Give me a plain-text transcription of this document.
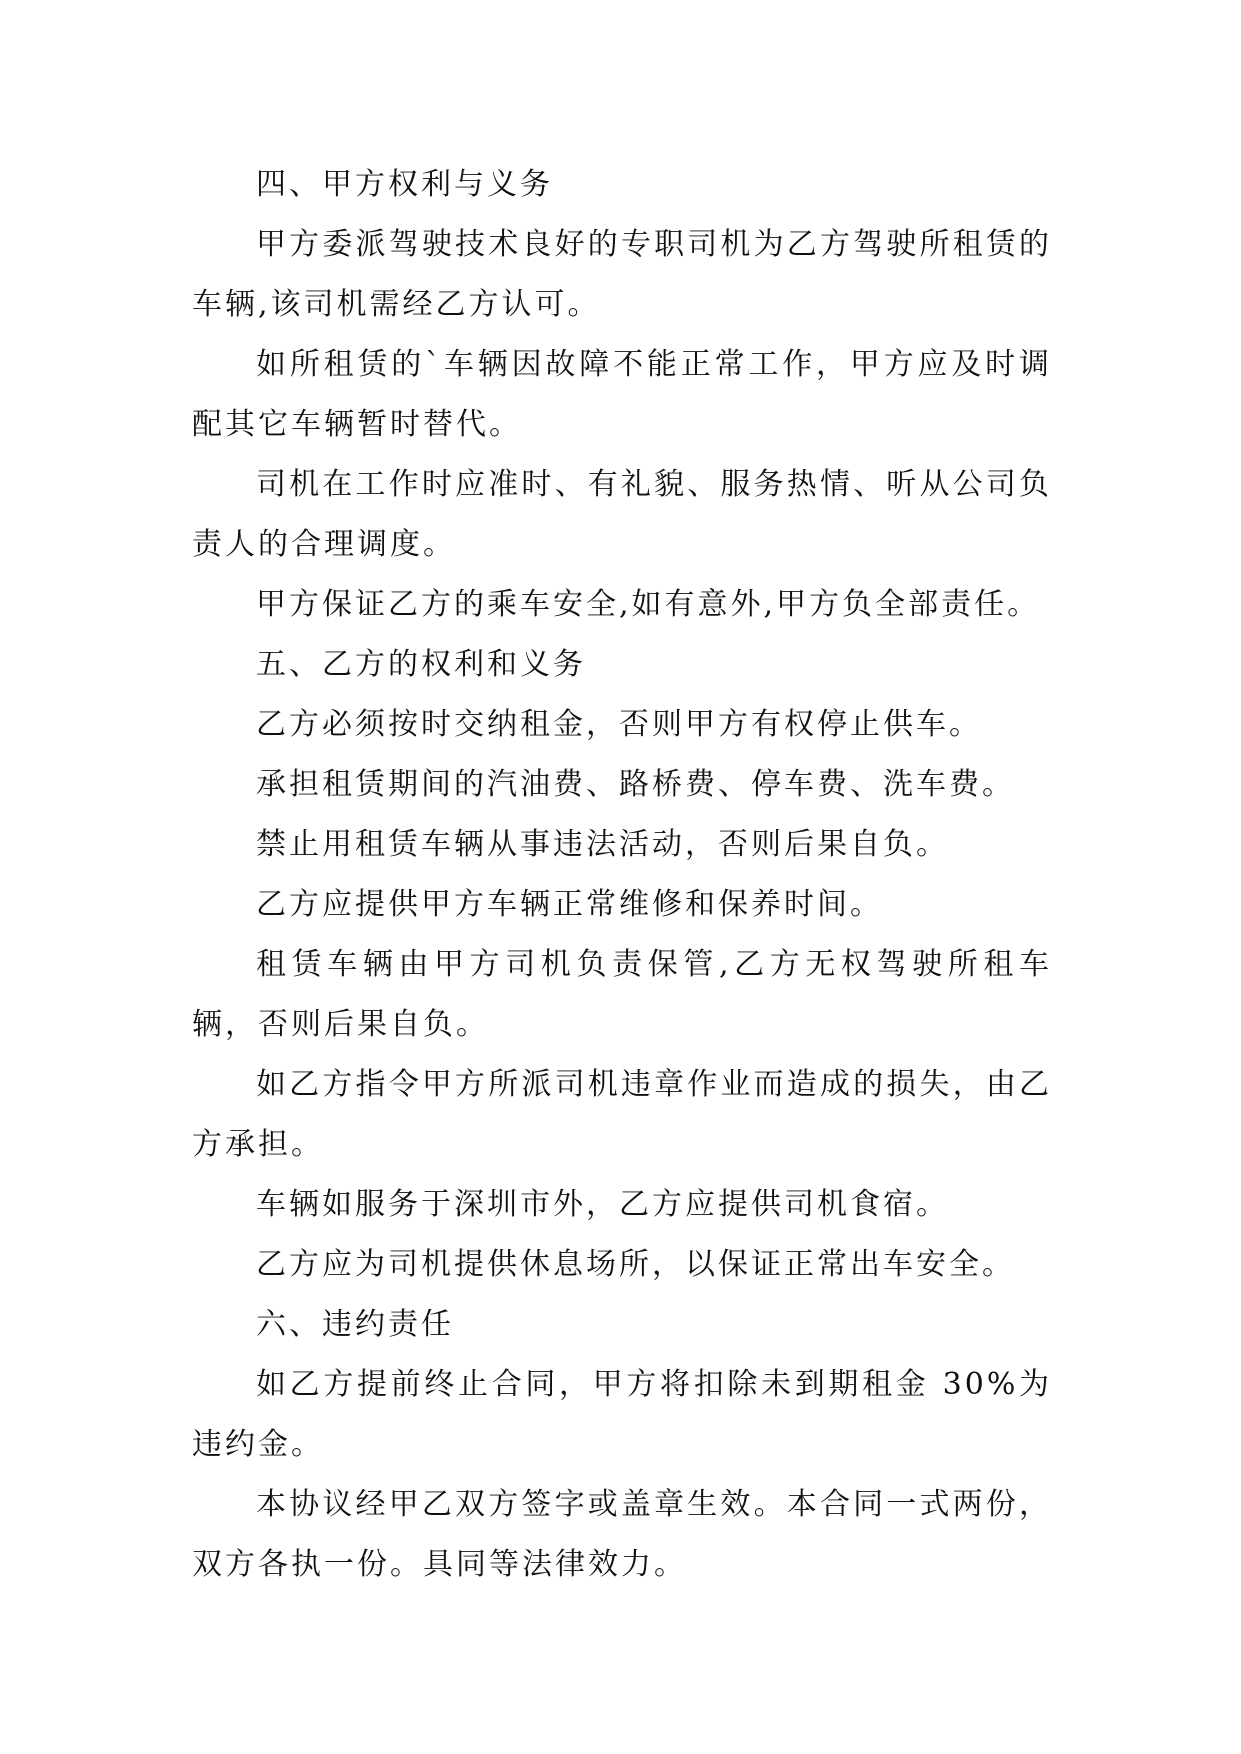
四、甲方权利与义务

甲方委派驾驶技术良好的专职司机为乙方驾驶所租赁的车辆,该司机需经乙方认可。

如所租赁的`车辆因故障不能正常工作，甲方应及时调配其它车辆暂时替代。

司机在工作时应准时、有礼貌、服务热情、听从公司负责人的合理调度。

甲方保证乙方的乘车安全,如有意外,甲方负全部责任。

五、乙方的权利和义务

乙方必须按时交纳租金，否则甲方有权停止供车。

承担租赁期间的汽油费、路桥费、停车费、洗车费。

禁止用租赁车辆从事违法活动，否则后果自负。

乙方应提供甲方车辆正常维修和保养时间。

租赁车辆由甲方司机负责保管,乙方无权驾驶所租车辆，否则后果自负。

如乙方指令甲方所派司机违章作业而造成的损失，由乙方承担。

车辆如服务于深圳市外，乙方应提供司机食宿。

乙方应为司机提供休息场所，以保证正常出车安全。

六、违约责任

如乙方提前终止合同，甲方将扣除未到期租金 30%为违约金。

本协议经甲乙双方签字或盖章生效。本合同一式两份，双方各执一份。具同等法律效力。
